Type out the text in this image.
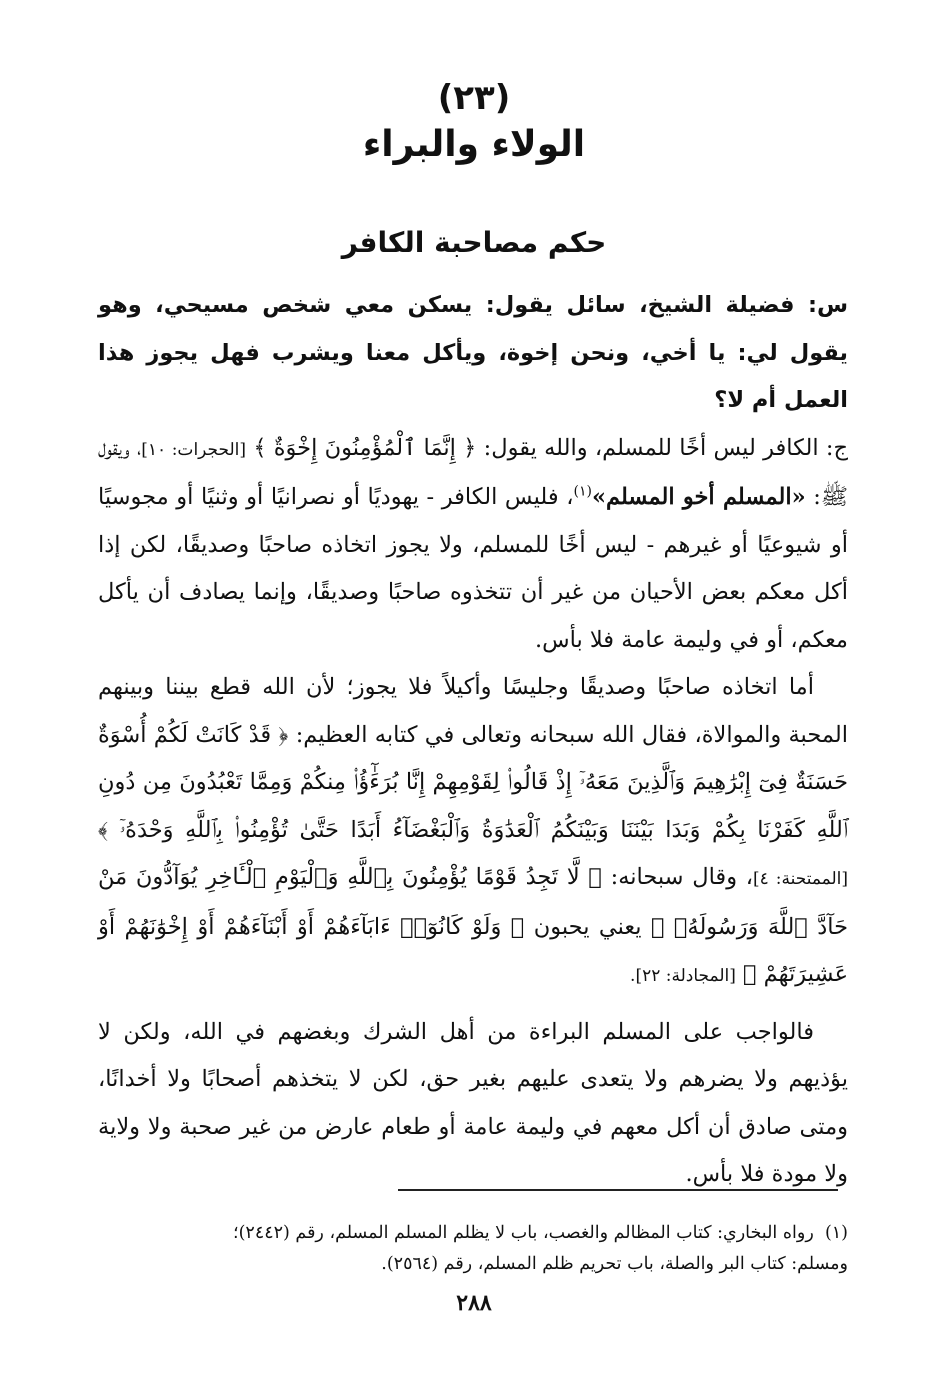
(٢٣)
الولاء والبراء
حكم مصاحبة الكافر

س: فضيلة الشيخ، سائل يقول: يسكن معي شخص مسيحي، وهو يقول لي: يا أخي، ونحن إخوة، ويأكل معنا ويشرب فهل يجوز هذا العمل أم لا؟

ج: الكافر ليس أخًا للمسلم، والله يقول: ﴿ إِنَّمَا ٱلْمُؤْمِنُونَ إِخْوَةٌ ﴾ [الحجرات: ١٠]، ويقول ﷺ: «المسلم أخو المسلم»$^{(١)}$، فليس الكافر - يهوديًا أو نصرانيًا أو وثنيًا أو مجوسيًا أو شيوعيًا أو غيرهم - ليس أخًا للمسلم، ولا يجوز اتخاذه صاحبًا وصديقًا، لكن إذا أكل معكم بعض الأحيان من غير أن تتخذوه صاحبًا وصديقًا، وإنما يصادف أن يأكل معكم، أو في وليمة عامة فلا بأس.

أما اتخاذه صاحبًا وصديقًا وجليسًا وأكيلاً فلا يجوز؛ لأن الله قطع بيننا وبينهم المحبة والموالاة، فقال الله سبحانه وتعالى في كتابه العظيم: ﴿ قَدْ كَانَتْ لَكُمْ أُسْوَةٌ حَسَنَةٌ فِىٓ إِبْرَٰهِيمَ وَٱلَّذِينَ مَعَهُۥٓ إِذْ قَالُوا۟ لِقَوْمِهِمْ إِنَّا بُرَءَٰٓؤُا۟ مِنكُمْ وَمِمَّا تَعْبُدُونَ مِن دُونِ ٱللَّهِ كَفَرْنَا بِكُمْ وَبَدَا بَيْنَنَا وَبَيْنَكُمُ ٱلْعَدَٰوَةُ وَٱلْبَغْضَآءُ أَبَدًا حَتَّىٰ تُؤْمِنُوا۟ بِٱللَّهِ وَحْدَهُۥٓ ﴾ [الممتحنة: ٤]، وقال سبحانه: ﴿ لَّا تَجِدُ قَوْمًا يُؤْمِنُونَ بِٱللَّهِ وَٱلْيَوْمِ ٱلْـَٔاخِرِ يُوَآدُّونَ مَنْ حَآدَّ ٱللَّهَ وَرَسُولَهُۥ ﴾ يعني يحبون ﴿ وَلَوْ كَانُوٓا۟ ءَابَآءَهُمْ أَوْ أَبْنَآءَهُمْ أَوْ إِخْوَٰنَهُمْ أَوْ عَشِيرَتَهُمْ ﴾ [المجادلة: ٢٢].

فالواجب على المسلم البراءة من أهل الشرك وبغضهم في الله، ولكن لا يؤذيهم ولا يضرهم ولا يتعدى عليهم بغير حق، لكن لا يتخذهم أصحابًا ولا أخدانًا، ومتى صادق أن أكل معهم في وليمة عامة أو طعام عارض من غير صحبة ولا ولاية ولا مودة فلا بأس.

(١)  رواه البخاري: كتاب المظالم والغصب، باب لا يظلم المسلم المسلم، رقم (٢٤٤٢)؛

ومسلم: كتاب البر والصلة، باب تحريم ظلم المسلم، رقم (٢٥٦٤).

٢٨٨
